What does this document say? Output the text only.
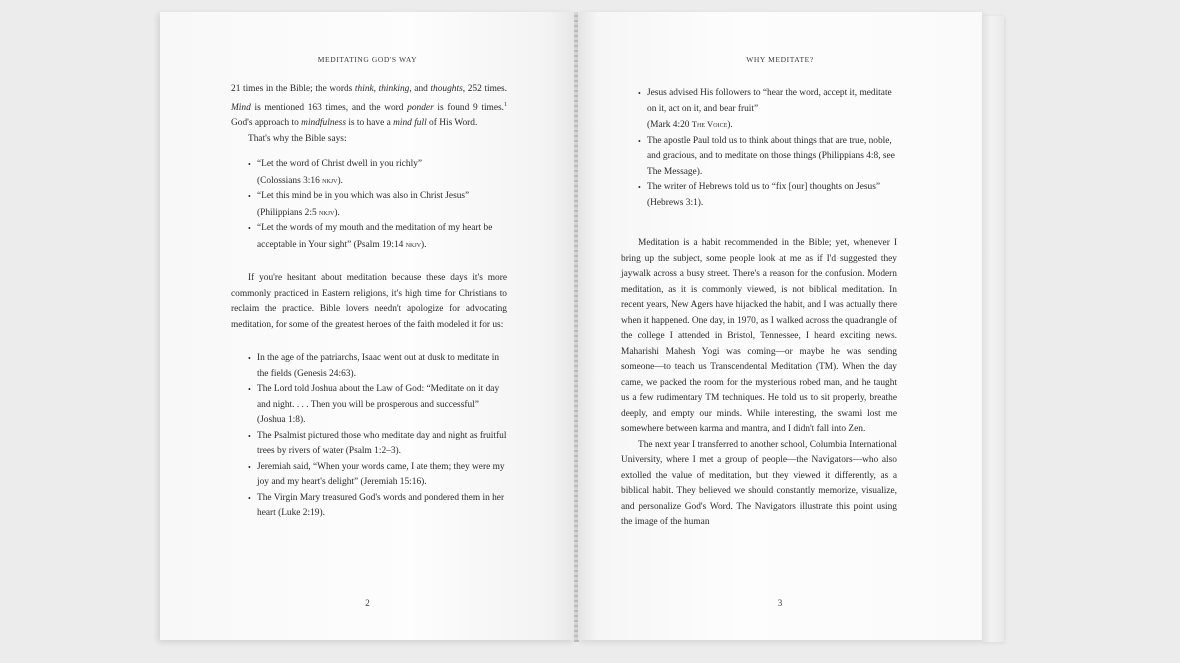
MEDITATING GOD'S WAY

21 times in the Bible; the words think, thinking, and thoughts, 252 times. Mind is mentioned 163 times, and the word ponder is found 9 times.$^1$ God's approach to mindfulness is to have a mind full of His Word.

That's why the Bible says:

• “Let the word of Christ dwell in you richly”
(Colossians 3:16 nkjv).
• “Let this mind be in you which was also in Christ Jesus”
(Philippians 2:5 nkjv).
• “Let the words of my mouth and the meditation of my heart be acceptable in Your sight” (Psalm 19:14 nkjv).

If you're hesitant about meditation because these days it's more commonly practiced in Eastern religions, it's high time for Christians to reclaim the practice. Bible lovers needn't apologize for advocating meditation, for some of the greatest heroes of the faith modeled it for us:

• In the age of the patriarchs, Isaac went out at dusk to meditate in the fields (Genesis 24:63).
• The Lord told Joshua about the Law of God: “Meditate on it day and night. . . . Then you will be prosperous and successful” (Joshua 1:8).
• The Psalmist pictured those who meditate day and night as fruitful trees by rivers of water (Psalm 1:2–3).
• Jeremiah said, “When your words came, I ate them; they were my joy and my heart's delight” (Jeremiah 15:16).
• The Virgin Mary treasured God's words and pondered them in her heart (Luke 2:19).
2
WHY MEDITATE?
• Jesus advised His followers to “hear the word, accept it, meditate on it, act on it, and bear fruit”
(Mark 4:20 The Voice).
• The apostle Paul told us to think about things that are true, noble, and gracious, and to meditate on those things (Philippians 4:8, see The Message).
• The writer of Hebrews told us to “fix [our] thoughts on Jesus” (Hebrews 3:1).

Meditation is a habit recommended in the Bible; yet, whenever I bring up the subject, some people look at me as if I'd suggested they jaywalk across a busy street. There's a reason for the confusion. Modern meditation, as it is commonly viewed, is not biblical meditation. In recent years, New Agers have hijacked the habit, and I was actually there when it happened. One day, in 1970, as I walked across the quadrangle of the college I attended in Bristol, Tennessee, I heard exciting news. Maharishi Mahesh Yogi was coming—or maybe he was sending someone—to teach us Transcendental Meditation (TM). When the day came, we packed the room for the mysterious robed man, and he taught us a few rudimentary TM techniques. He told us to sit properly, breathe deeply, and empty our minds. While interesting, the swami lost me somewhere between karma and mantra, and I didn't fall into Zen.

The next year I transferred to another school, Columbia International University, where I met a group of people—the Navigators—who also extolled the value of meditation, but they viewed it differently, as a biblical habit. They believed we should constantly memorize, visualize, and personalize God's Word. The Navigators illustrate this point using the image of the human

3
